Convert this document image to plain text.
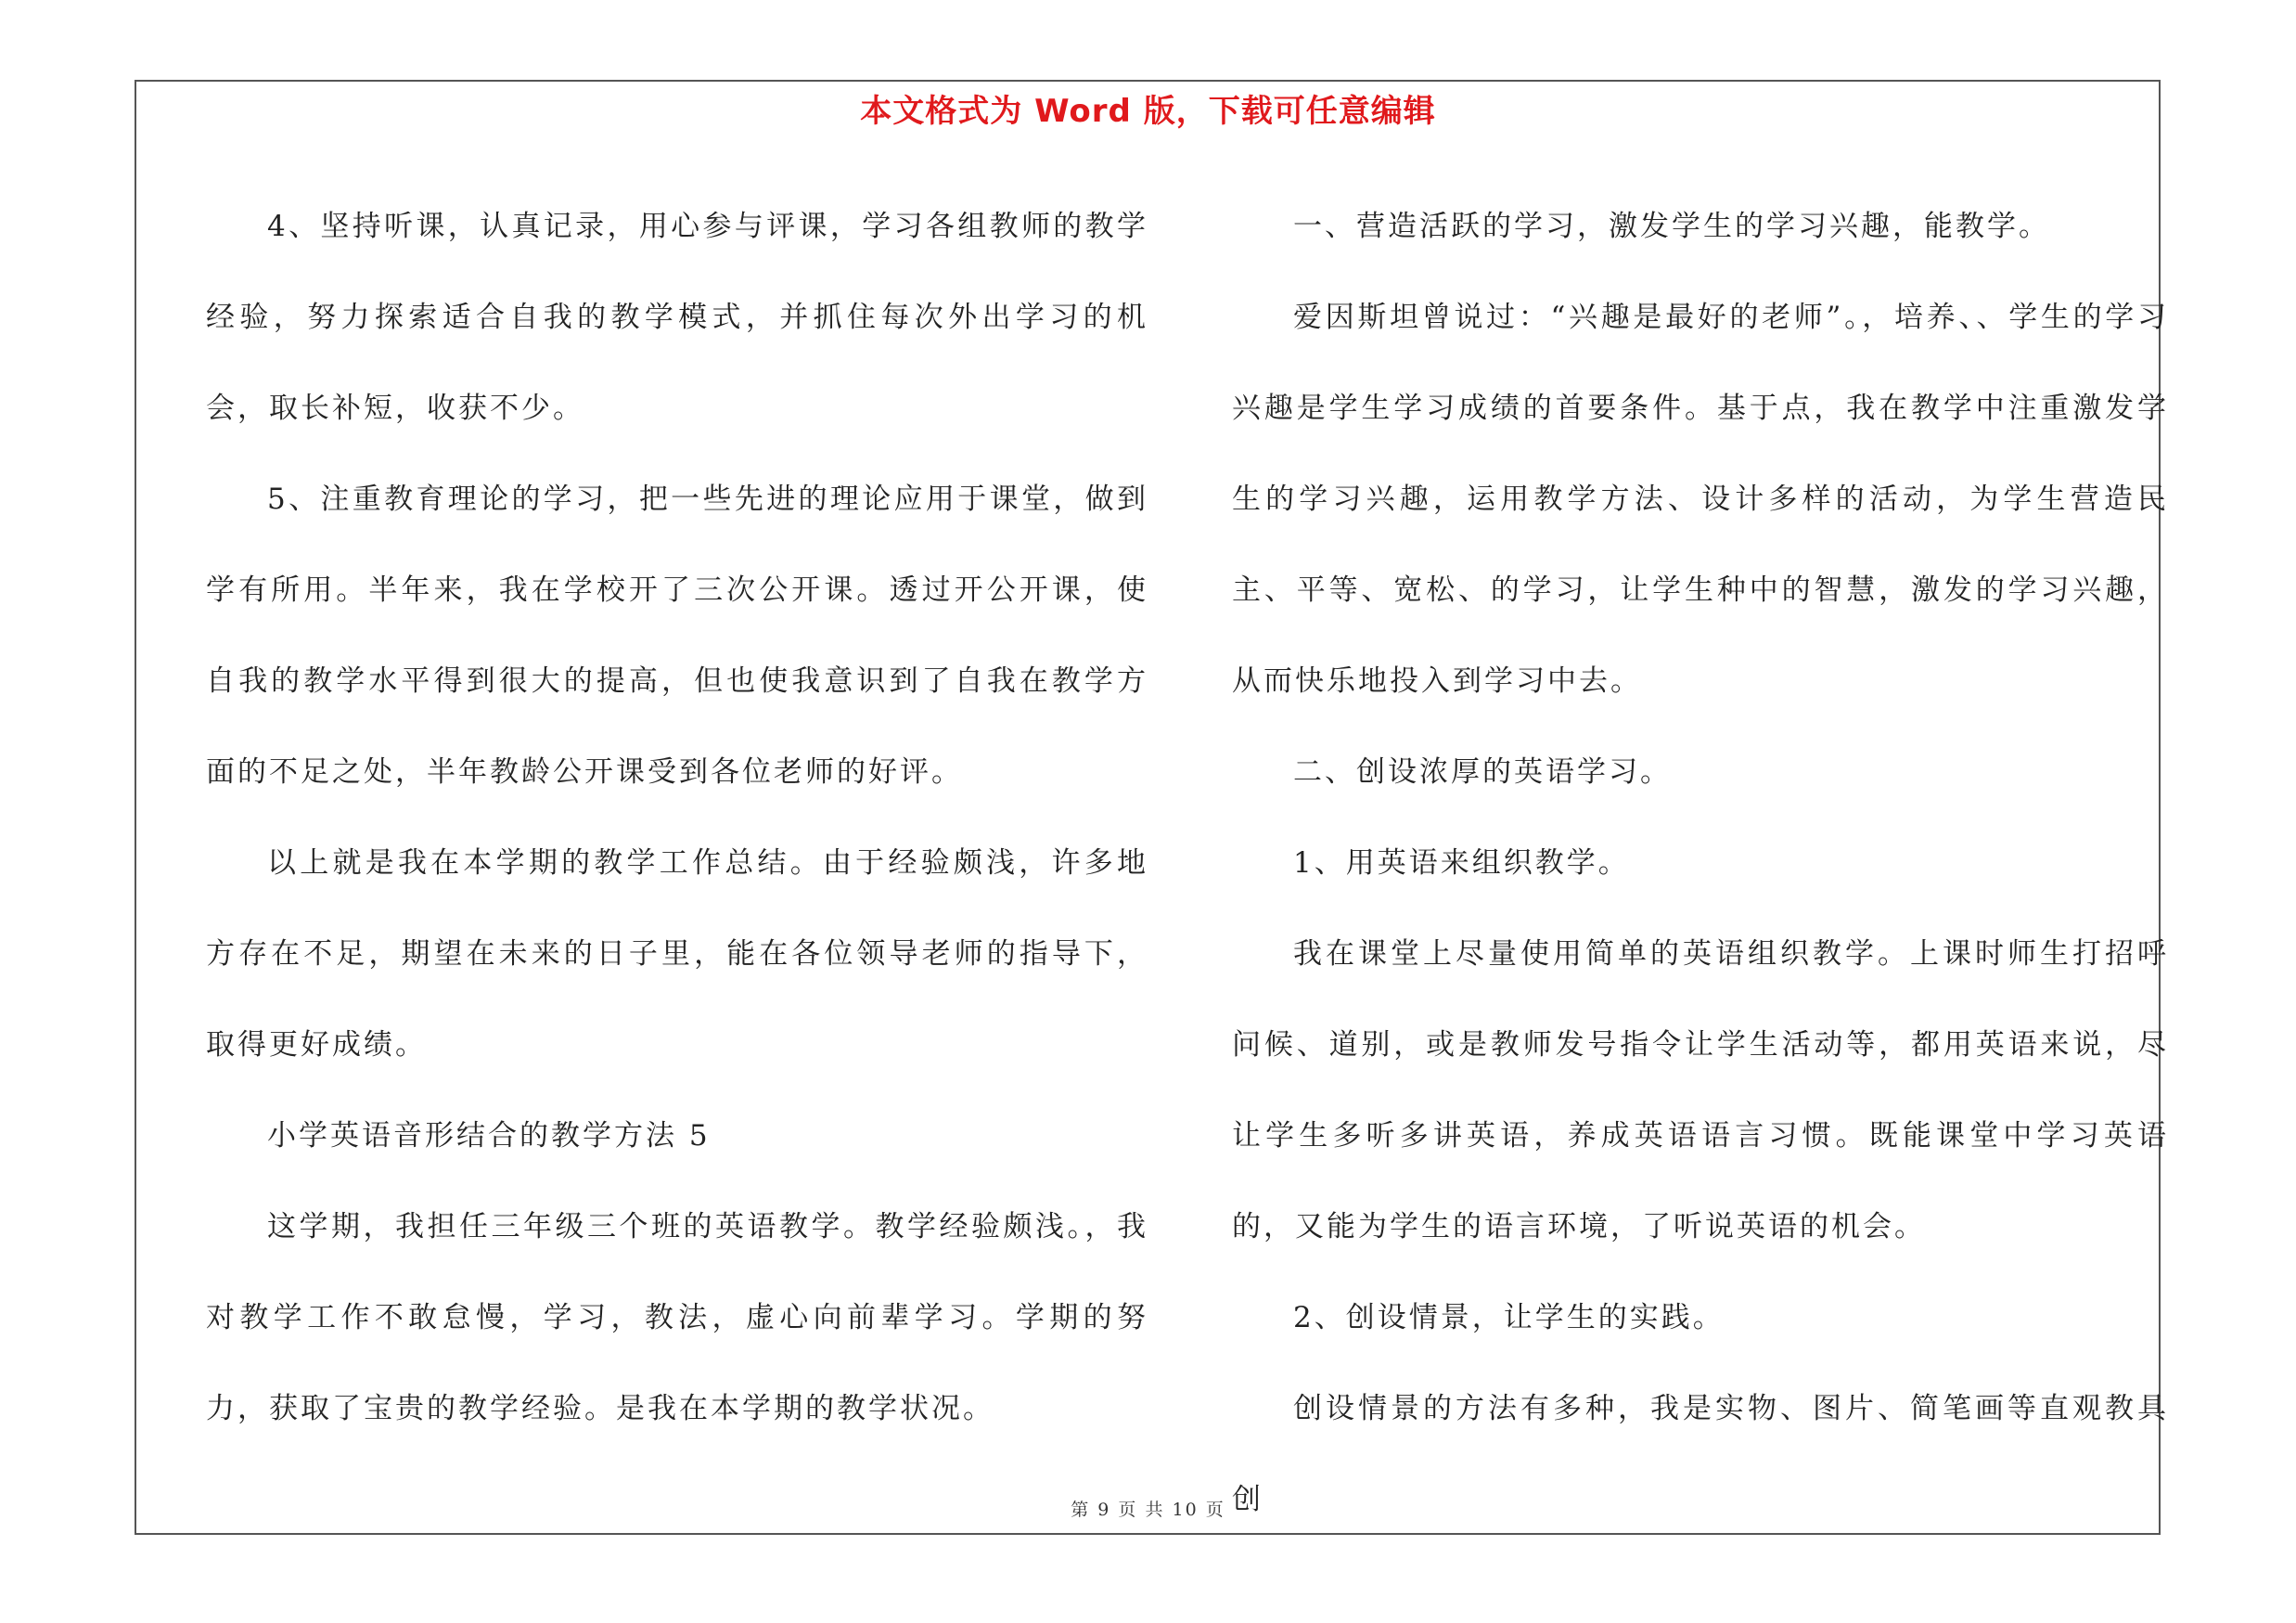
本文格式为 Word 版，下载可任意编辑

4、坚持听课，认真记录，用心参与评课，学习各组教师的教学经验，努力探索适合自我的教学模式，并抓住每次外出学习的机会，取长补短，收获不少。

5、注重教育理论的学习，把一些先进的理论应用于课堂，做到学有所用。半年来，我在学校开了三次公开课。透过开公开课，使自我的教学水平得到很大的提高，但也使我意识到了自我在教学方面的不足之处，半年教龄公开课受到各位老师的好评。

以上就是我在本学期的教学工作总结。由于经验颇浅，许多地方存在不足，期望在未来的日子里，能在各位领导老师的指导下，取得更好成绩。

小学英语音形结合的教学方法 5

这学期，我担任三年级三个班的英语教学。教学经验颇浅。，我对教学工作不敢怠慢，学习，教法，虚心向前辈学习。学期的努力，获取了宝贵的教学经验。是我在本学期的教学状况。

一、营造活跃的学习，激发学生的学习兴趣，能教学。

爱因斯坦曾说过：“兴趣是最好的老师”。，培养、、学生的学习兴趣是学生学习成绩的首要条件。基于点，我在教学中注重激发学生的学习兴趣，运用教学方法、设计多样的活动，为学生营造民主、平等、宽松、的学习，让学生种中的智慧，激发的学习兴趣，从而快乐地投入到学习中去。

二、创设浓厚的英语学习。

1、用英语来组织教学。

我在课堂上尽量使用简单的英语组织教学。上课时师生打招呼问候、道别，或是教师发号指令让学生活动等，都用英语来说，尽让学生多听多讲英语，养成英语语言习惯。既能课堂中学习英语的，又能为学生的语言环境，了听说英语的机会。

2、创设情景，让学生的实践。

创设情景的方法有多种，我是实物、图片、简笔画等直观教具创

第 9 页 共 10 页
